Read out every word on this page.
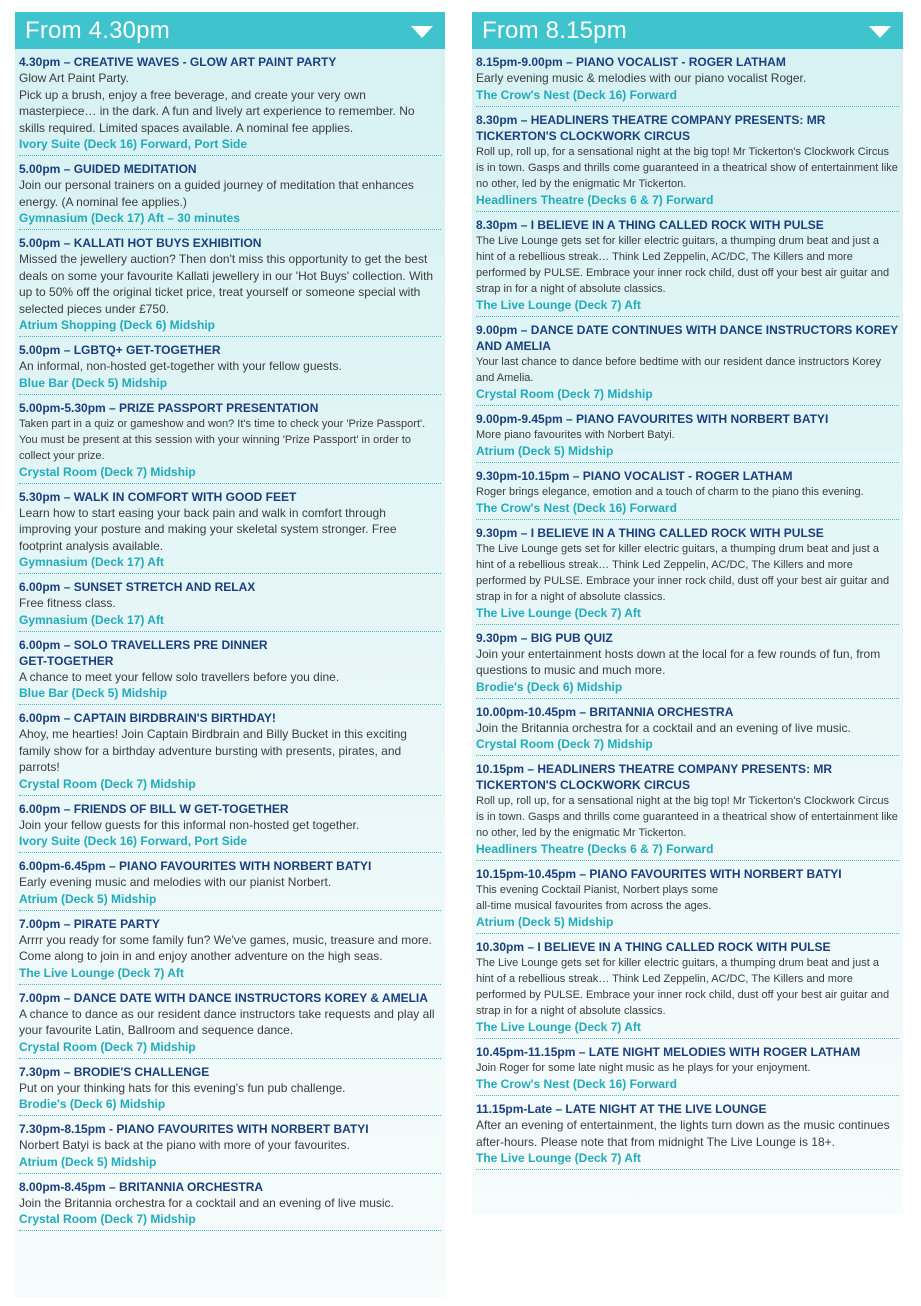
From 4.30pm
4.30pm – CREATIVE WAVES - GLOW ART PAINT PARTY
Glow Art Paint Party.
Pick up a brush, enjoy a free beverage, and create your very own masterpiece… in the dark. A fun and lively art experience to remember. No skills required. Limited spaces available. A nominal fee applies.
Ivory Suite (Deck 16) Forward, Port Side
5.00pm – GUIDED MEDITATION
Join our personal trainers on a guided journey of meditation that enhances energy. (A nominal fee applies.)
Gymnasium (Deck 17) Aft – 30 minutes
5.00pm – KALLATI HOT BUYS EXHIBITION
Missed the jewellery auction? Then don't miss this opportunity to get the best deals on some your favourite Kallati jewellery in our 'Hot Buys' collection. With up to 50% off the original ticket price, treat yourself or someone special with selected pieces under £750.
Atrium Shopping (Deck 6) Midship
5.00pm – LGBTQ+ GET-TOGETHER
An informal, non-hosted get-together with your fellow guests.
Blue Bar (Deck 5) Midship
5.00pm-5.30pm – PRIZE PASSPORT PRESENTATION
Taken part in a quiz or gameshow and won? It's time to check your 'Prize Passport'. You must be present at this session with your winning 'Prize Passport' in order to collect your prize.
Crystal Room (Deck 7) Midship
5.30pm – WALK IN COMFORT WITH GOOD FEET
Learn how to start easing your back pain and walk in comfort through improving your posture and making your skeletal system stronger. Free footprint analysis available.
Gymnasium (Deck 17) Aft
6.00pm – SUNSET STRETCH AND RELAX
Free fitness class.
Gymnasium (Deck 17) Aft
6.00pm – SOLO TRAVELLERS PRE DINNER
GET-TOGETHER
A chance to meet your fellow solo travellers before you dine.
Blue Bar (Deck 5) Midship
6.00pm – CAPTAIN BIRDBRAIN'S BIRTHDAY!
Ahoy, me hearties! Join Captain Birdbrain and Billy Bucket in this exciting family show for a birthday adventure bursting with presents, pirates, and parrots!
Crystal Room (Deck 7) Midship
6.00pm – FRIENDS OF BILL W GET-TOGETHER
Join your fellow guests for this informal non-hosted get together.
Ivory Suite (Deck 16) Forward, Port Side
6.00pm-6.45pm – PIANO FAVOURITES WITH NORBERT BATYI
Early evening music and melodies with our pianist Norbert.
Atrium (Deck 5) Midship
7.00pm – PIRATE PARTY
Arrrr you ready for some family fun? We've games, music, treasure and more. Come along to join in and enjoy another adventure on the high seas.
The Live Lounge (Deck 7) Aft
7.00pm – DANCE DATE WITH DANCE INSTRUCTORS KOREY & AMELIA
A chance to dance as our resident dance instructors take requests and play all your favourite Latin, Ballroom and sequence dance.
Crystal Room (Deck 7) Midship
7.30pm – BRODIE'S CHALLENGE
Put on your thinking hats for this evening's fun pub challenge.
Brodie's (Deck 6) Midship
7.30pm-8.15pm - PIANO FAVOURITES WITH NORBERT BATYI
Norbert Batyi is back at the piano with more of your favourites.
Atrium (Deck 5) Midship
8.00pm-8.45pm – BRITANNIA ORCHESTRA
Join the Britannia orchestra for a cocktail and an evening of live music.
Crystal Room (Deck 7) Midship
From 8.15pm
8.15pm-9.00pm – PIANO VOCALIST - ROGER LATHAM
Early evening music & melodies with our piano vocalist Roger.
The Crow's Nest (Deck 16) Forward
8.30pm – HEADLINERS THEATRE COMPANY PRESENTS: MR TICKERTON'S CLOCKWORK CIRCUS
Roll up, roll up, for a sensational night at the big top! Mr Tickerton's Clockwork Circus is in town. Gasps and thrills come guaranteed in a theatrical show of entertainment like no other, led by the enigmatic Mr Tickerton.
Headliners Theatre (Decks 6 & 7) Forward
8.30pm – I BELIEVE IN A THING CALLED ROCK WITH PULSE
The Live Lounge gets set for killer electric guitars, a thumping drum beat and just a hint of a rebellious streak… Think Led Zeppelin, AC/DC, The Killers and more performed by PULSE. Embrace your inner rock child, dust off your best air guitar and strap in for a night of absolute classics.
The Live Lounge (Deck 7) Aft
9.00pm – DANCE DATE CONTINUES WITH DANCE INSTRUCTORS KOREY AND AMELIA
Your last chance to dance before bedtime with our resident dance instructors Korey and Amelia.
Crystal Room (Deck 7) Midship
9.00pm-9.45pm – PIANO FAVOURITES WITH NORBERT BATYI
More piano favourites with Norbert Batyi.
Atrium (Deck 5) Midship
9.30pm-10.15pm – PIANO VOCALIST - ROGER LATHAM
Roger brings elegance, emotion and a touch of charm to the piano this evening.
The Crow's Nest (Deck 16) Forward
9.30pm – I BELIEVE IN A THING CALLED ROCK WITH PULSE
The Live Lounge gets set for killer electric guitars, a thumping drum beat and just a hint of a rebellious streak… Think Led Zeppelin, AC/DC, The Killers and more performed by PULSE. Embrace your inner rock child, dust off your best air guitar and strap in for a night of absolute classics.
The Live Lounge (Deck 7) Aft
9.30pm – BIG PUB QUIZ
Join your entertainment hosts down at the local for a few rounds of fun, from questions to music and much more.
Brodie's (Deck 6) Midship
10.00pm-10.45pm – BRITANNIA ORCHESTRA
Join the Britannia orchestra for a cocktail and an evening of live music.
Crystal Room (Deck 7) Midship
10.15pm – HEADLINERS THEATRE COMPANY PRESENTS: MR TICKERTON'S CLOCKWORK CIRCUS
Roll up, roll up, for a sensational night at the big top! Mr Tickerton's Clockwork Circus is in town. Gasps and thrills come guaranteed in a theatrical show of entertainment like no other, led by the enigmatic Mr Tickerton.
Headliners Theatre (Decks 6 & 7) Forward
10.15pm-10.45pm – PIANO FAVOURITES WITH NORBERT BATYI
This evening Cocktail Pianist, Norbert plays some
all-time musical favourites from across the ages.
Atrium (Deck 5) Midship
10.30pm – I BELIEVE IN A THING CALLED ROCK WITH PULSE
The Live Lounge gets set for killer electric guitars, a thumping drum beat and just a hint of a rebellious streak… Think Led Zeppelin, AC/DC, The Killers and more performed by PULSE. Embrace your inner rock child, dust off your best air guitar and strap in for a night of absolute classics.
The Live Lounge (Deck 7) Aft
10.45pm-11.15pm – LATE NIGHT MELODIES WITH ROGER LATHAM
Join Roger for some late night music as he plays for your enjoyment.
The Crow's Nest (Deck 16) Forward
11.15pm-Late – LATE NIGHT AT THE LIVE LOUNGE
After an evening of entertainment, the lights turn down as the music continues after-hours. Please note that from midnight The Live Lounge is 18+.
The Live Lounge (Deck 7) Aft
